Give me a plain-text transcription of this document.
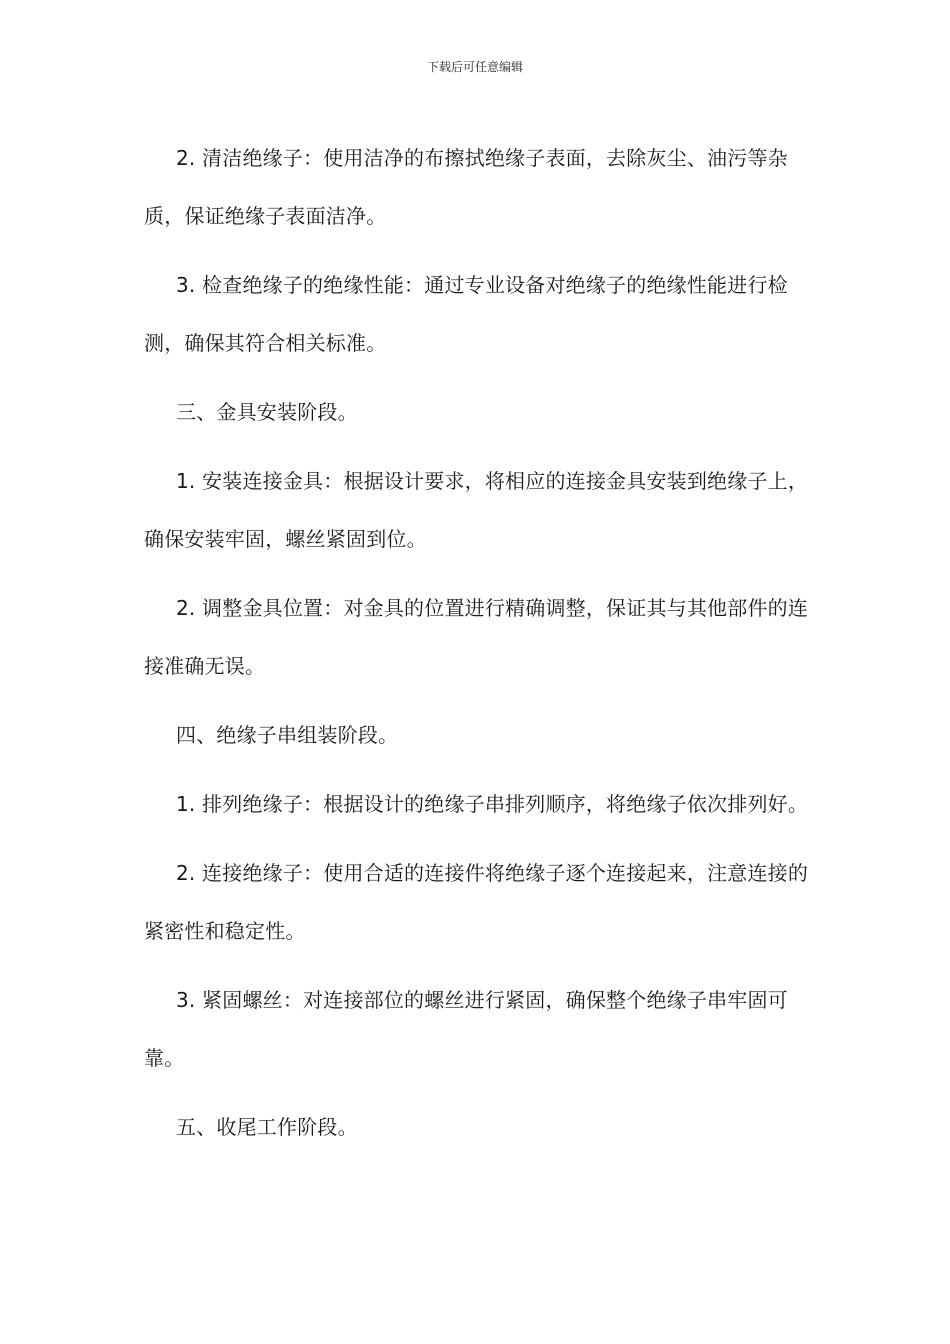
下载后可任意编辑

2. 清洁绝缘子：使用洁净的布擦拭绝缘子表面，去除灰尘、油污等杂质，保证绝缘子表面洁净。

3. 检查绝缘子的绝缘性能：通过专业设备对绝缘子的绝缘性能进行检测，确保其符合相关标准。

三、金具安装阶段。

1. 安装连接金具：根据设计要求，将相应的连接金具安装到绝缘子上，确保安装牢固，螺丝紧固到位。

2. 调整金具位置：对金具的位置进行精确调整，保证其与其他部件的连接准确无误。

四、绝缘子串组装阶段。

1. 排列绝缘子：根据设计的绝缘子串排列顺序，将绝缘子依次排列好。

2. 连接绝缘子：使用合适的连接件将绝缘子逐个连接起来，注意连接的紧密性和稳定性。

3. 紧固螺丝：对连接部位的螺丝进行紧固，确保整个绝缘子串牢固可靠。

五、收尾工作阶段。
